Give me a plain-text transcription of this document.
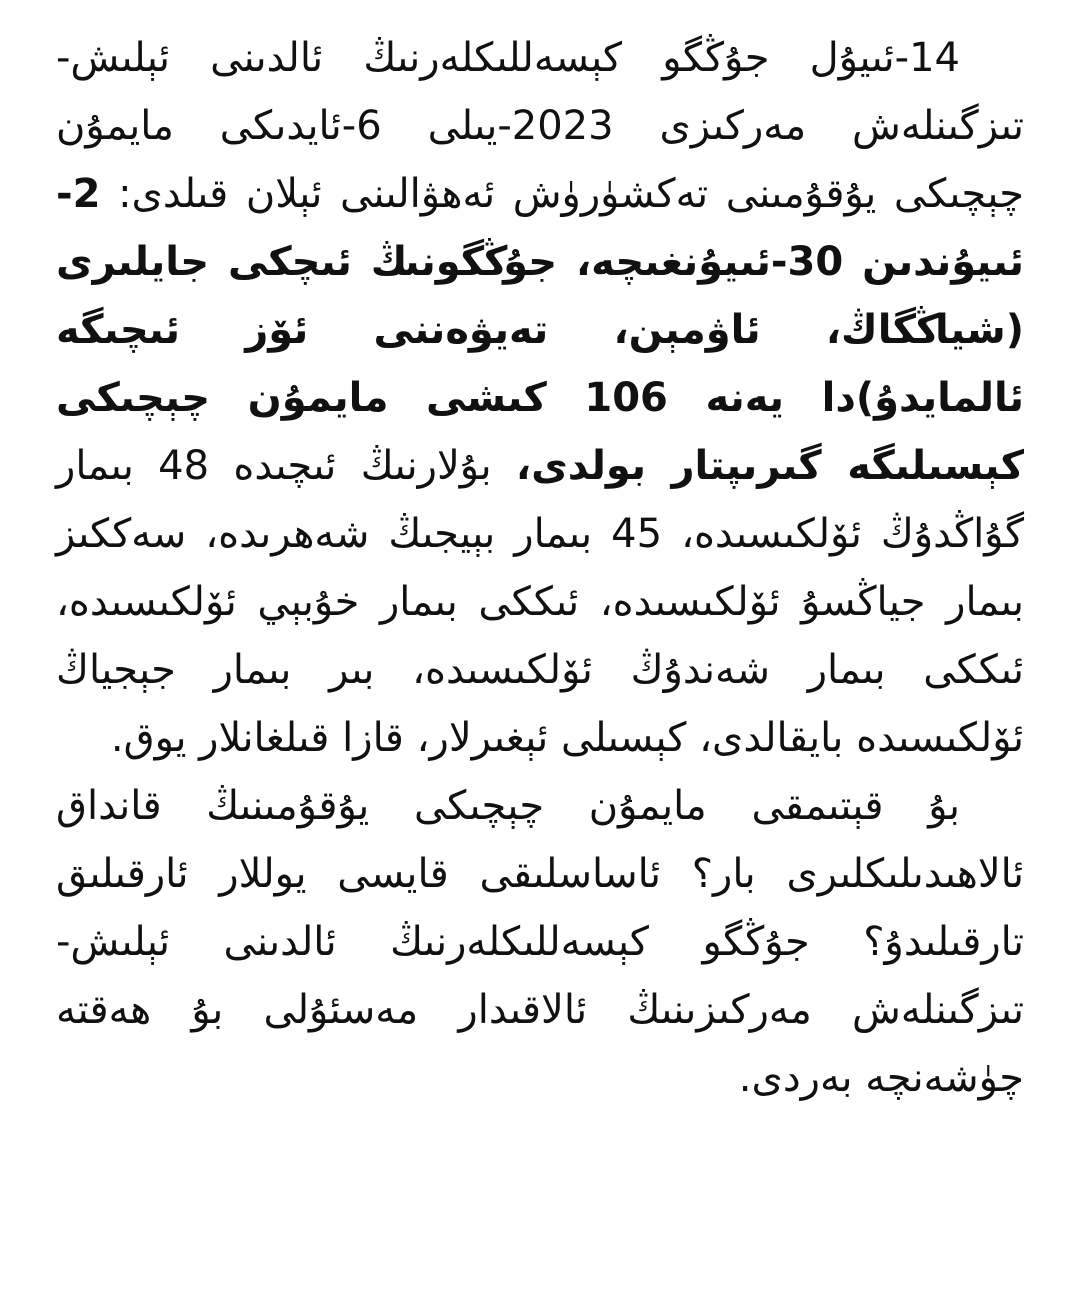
14-ئىيۇل جۇڭگو كېسەللىكلەرنىڭ ئالدىنى ئېلىش-تىزگىنلەش مەركىزى 2023-يىلى 6-ئايدىكى مايمۇن چېچىكى يۇقۇمىنى تەكشۈرۈش ئەھۋالىنى ئېلان قىلدى: 2-ئىيۇندىن 30-ئىيۇنغىچە، جۇڭگونىڭ ئىچكى جايلىرى (شياڭگاڭ، ئاۋمېن، تەيۋەننى ئۆز ئىچىگە ئالمايدۇ)دا يەنە 106 كىشى مايمۇن چېچىكى كېسىلىگە گىرىپتار بولدى، بۇلارنىڭ ئىچىدە 48 بىمار گۇاڭدۇڭ ئۆلكىسىدە، 45 بىمار بېيجىڭ شەھرىدە، سەككىز بىمار جياڭسۇ ئۆلكىسىدە، ئىككى بىمار خۇبېي ئۆلكىسىدە، ئىككى بىمار شەندۇڭ ئۆلكىسىدە، بىر بىمار جېجياڭ ئۆلكىسىدە بايقالدى، كېسىلى ئېغىرلار، قازا قىلغانلار يوق.

بۇ قېتىمقى مايمۇن چېچىكى يۇقۇمىنىڭ قانداق ئالاھىدىلىكلىرى بار؟ ئاساسلىقى قايسى يوللار ئارقىلىق تارقىلىدۇ؟ جۇڭگو كېسەللىكلەرنىڭ ئالدىنى ئېلىش-تىزگىنلەش مەركىزىنىڭ ئالاقىدار مەسئۇلى بۇ ھەقتە چۈشەنچە بەردى.
